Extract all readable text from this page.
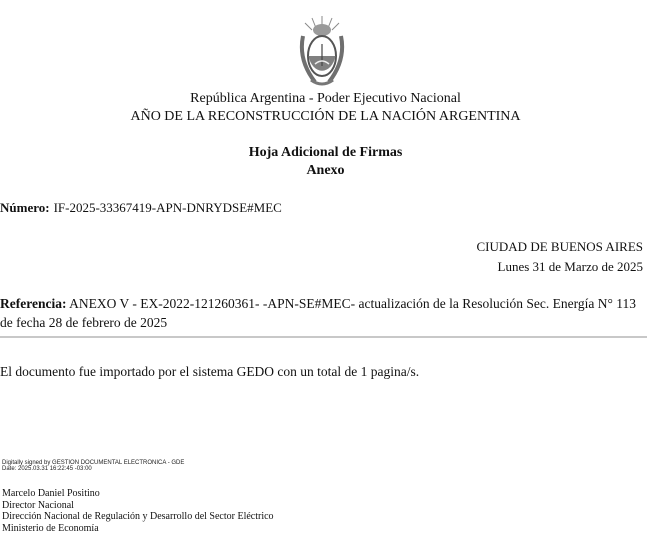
República Argentina - Poder Ejecutivo Nacional
AÑO DE LA RECONSTRUCCIÓN DE LA NACIÓN ARGENTINA
Hoja Adicional de Firmas
Anexo
Número: IF-2025-33367419-APN-DNRYDSE#MEC
CIUDAD DE BUENOS AIRES
Lunes 31 de Marzo de 2025
Referencia: ANEXO V - EX-2022-121260361- -APN-SE#MEC- actualización de la Resolución Sec. Energía N° 113 de fecha 28 de febrero de 2025
El documento fue importado por el sistema GEDO con un total de 1 pagina/s.
Digitally signed by GESTION DOCUMENTAL ELECTRONICA - GDE
Date: 2025.03.31 16:22:45 -03:00
Marcelo Daniel Positino
Director Nacional
Dirección Nacional de Regulación y Desarrollo del Sector Eléctrico
Ministerio de Economía
